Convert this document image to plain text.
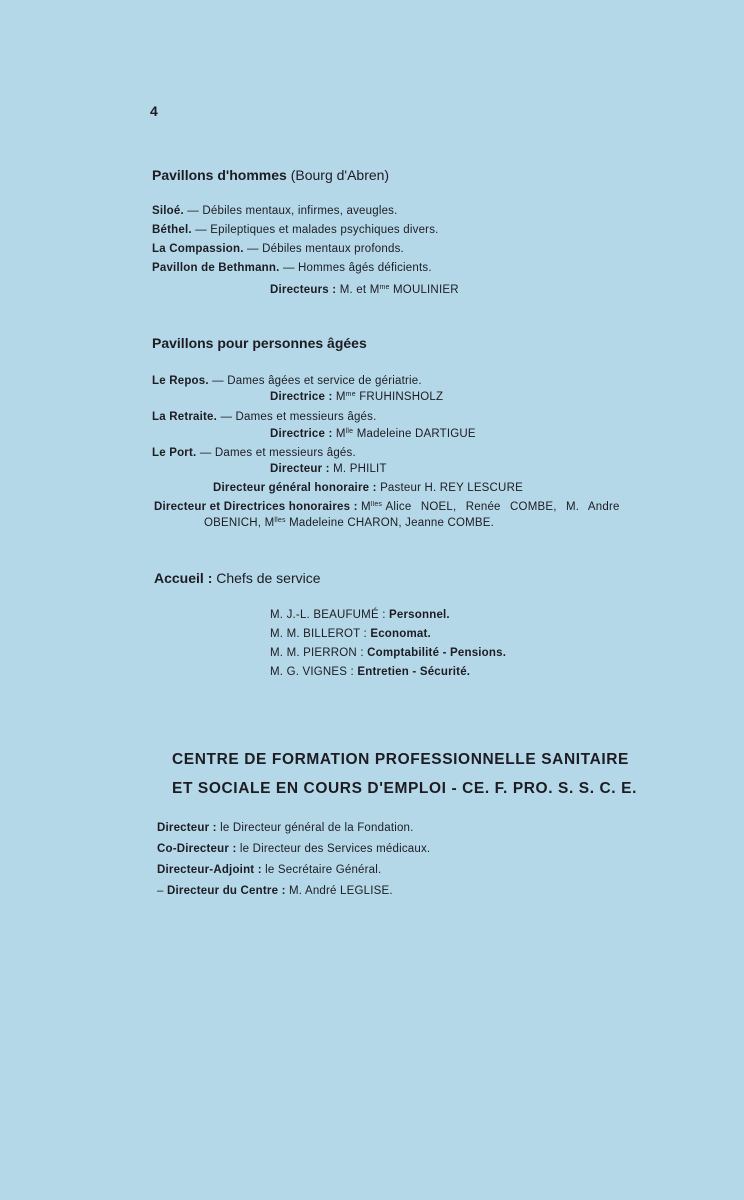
4
Pavillons d'hommes (Bourg d'Abren)
Siloé. — Débiles mentaux, infirmes, aveugles.
Béthel. — Epileptiques et malades psychiques divers.
La Compassion. — Débiles mentaux profonds.
Pavillon de Bethmann. — Hommes âgés déficients.
Directeurs : M. et $M^{me}$ MOULINIER
Pavillons pour personnes âgées
Le Repos. — Dames âgées et service de gériatrie.
Directrice : $M^{me}$ FRUHINSHOLZ
La Retraite. — Dames et messieurs âgés.
Directrice : $M^{lle}$ Madeleine DARTIGUE
Le Port. — Dames et messieurs âgés.
Directeur : M. PHILIT
Directeur général honoraire : Pasteur H. REY LESCURE
Directeur et Directrices honoraires : $M^{lles}$ Alice NOEL, Renée COMBE, M. Andre
OBENICH, $M^{lles}$ Madeleine CHARON, Jeanne COMBE.
Accueil : Chefs de service
M. J.-L. BEAUFUMÉ : Personnel.
M. M. BILLEROT : Economat.
M. M. PIERRON : Comptabilité - Pensions.
M. G. VIGNES : Entretien - Sécurité.
CENTRE DE FORMATION PROFESSIONNELLE SANITAIRE
ET SOCIALE EN COURS D'EMPLOI - CE. F. PRO. S. S. C. E.
Directeur : le Directeur général de la Fondation.
Co-Directeur : le Directeur des Services médicaux.
Directeur-Adjoint : le Secrétaire Général.
– Directeur du Centre : M. André LEGLISE.
